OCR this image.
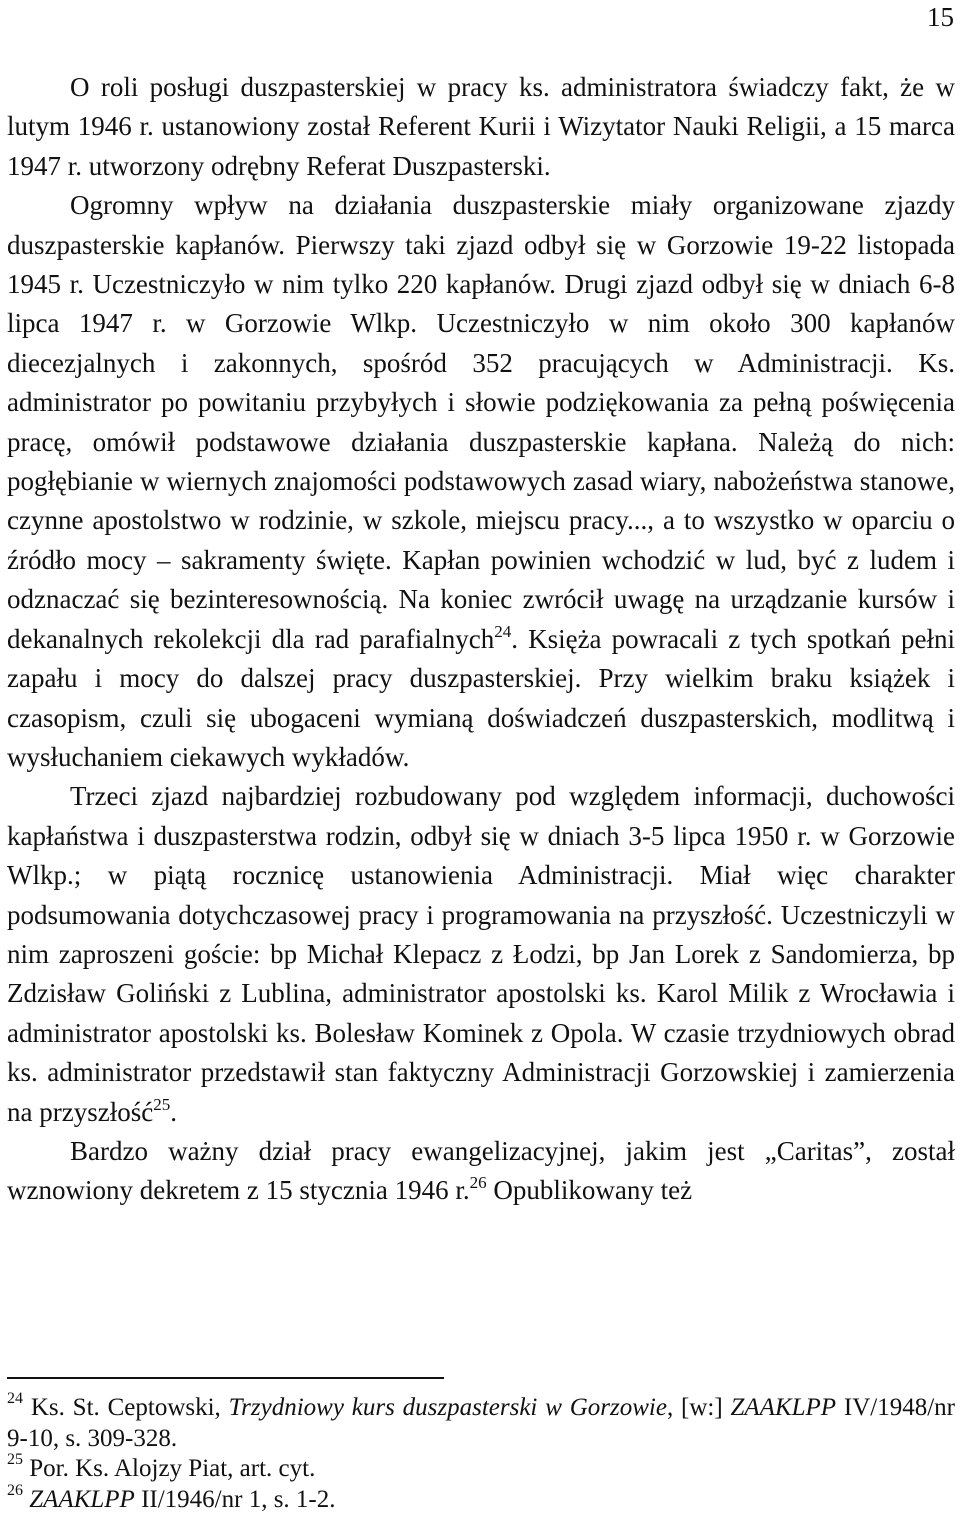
15

O roli posługi duszpasterskiej w pracy ks. administratora świadczy fakt, że w lutym 1946 r. ustanowiony został Referent Kurii i Wizytator Nauki Religii, a 15 marca 1947 r. utworzony odrębny Referat Duszpasterski.

Ogromny wpływ na działania duszpasterskie miały organizowane zjazdy duszpasterskie kapłanów. Pierwszy taki zjazd odbył się w Gorzowie 19-22 listopada 1945 r. Uczestniczyło w nim tylko 220 kapłanów. Drugi zjazd odbył się w dniach 6-8 lipca 1947 r. w Gorzowie Wlkp. Uczestniczyło w nim około 300 kapłanów diecezjalnych i zakonnych, spośród 352 pracujących w Administracji. Ks. administrator po powitaniu przybyłych i słowie podziękowania za pełną poświęcenia pracę, omówił podstawowe działania duszpasterskie kapłana. Należą do nich: pogłębianie w wiernych znajomości podstawowych zasad wiary, nabożeństwa stanowe, czynne apostolstwo w rodzinie, w szkole, miejscu pracy..., a to wszystko w oparciu o źródło mocy – sakramenty święte. Kapłan powinien wchodzić w lud, być z ludem i odznaczać się bezinteresownością. Na koniec zwrócił uwagę na urządzanie kursów i dekanalnych rekolekcji dla rad parafialnych$^{24}$. Księża powracali z tych spotkań pełni zapału i mocy do dalszej pracy duszpasterskiej. Przy wielkim braku książek i czasopism, czuli się ubogaceni wymianą doświadczeń duszpasterskich, modlitwą i wysłuchaniem ciekawych wykładów.

Trzeci zjazd najbardziej rozbudowany pod względem informacji, duchowości kapłaństwa i duszpasterstwa rodzin, odbył się w dniach 3-5 lipca 1950 r. w Gorzowie Wlkp.; w piątą rocznicę ustanowienia Administracji. Miał więc charakter podsumowania dotychczasowej pracy i programowania na przyszłość. Uczestniczyli w nim zaproszeni goście: bp Michał Klepacz z Łodzi, bp Jan Lorek z Sandomierza, bp Zdzisław Goliński z Lublina, administrator apostolski ks. Karol Milik z Wrocławia i administrator apostolski ks. Bolesław Kominek z Opola. W czasie trzydniowych obrad ks. administrator przedstawił stan faktyczny Administracji Gorzowskiej i zamierzenia na przyszłość$^{25}$.

Bardzo ważny dział pracy ewangelizacyjnej, jakim jest „Caritas”, został wznowiony dekretem z 15 stycznia 1946 r.$^{26}$ Opublikowany też

$^{24}$ Ks. St. Ceptowski, Trzydniowy kurs duszpasterski w Gorzowie, [w:] ZAAKLPP IV/1948/nr 9-10, s. 309-328.

$^{25}$ Por. Ks. Alojzy Piat, art. cyt.

$^{26}$ ZAAKLPP II/1946/nr 1, s. 1-2.
